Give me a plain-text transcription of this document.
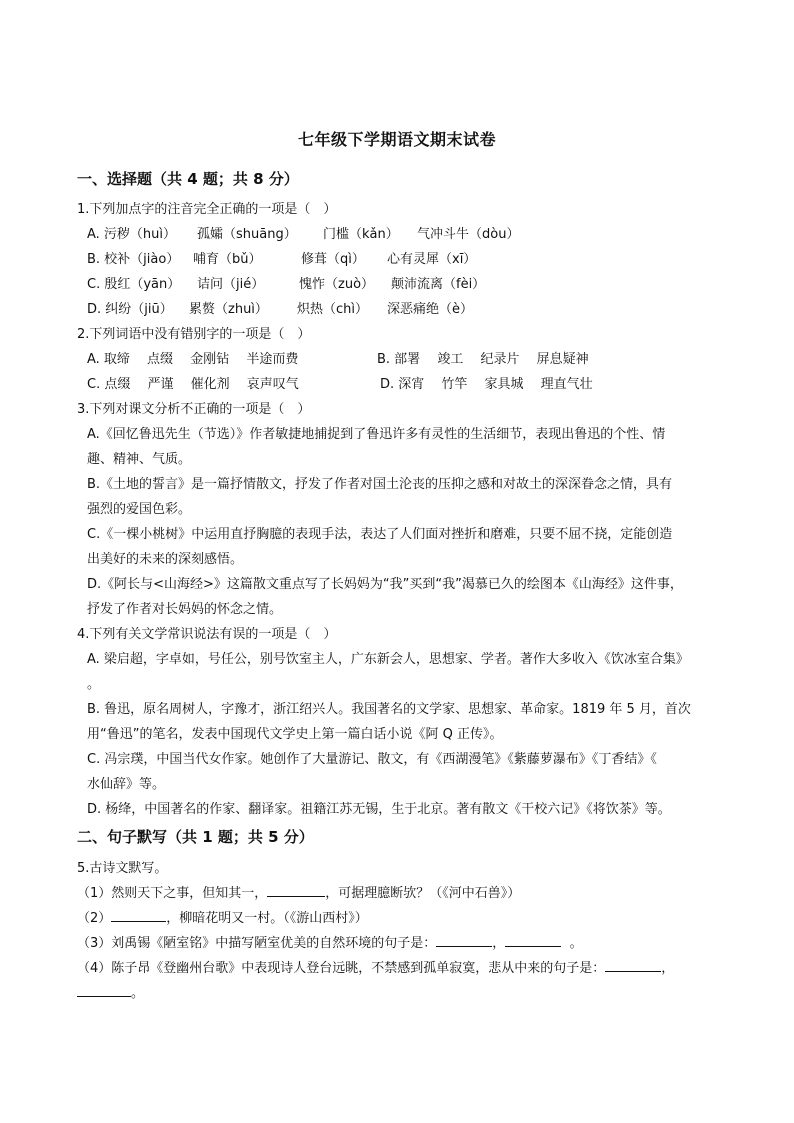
七年级下学期语文期末试卷
一、选择题（共 4 题；共 8 分）
1.下列加点字的注音完全正确的一项是（　）
A. 污秽（huì） 孤孀（shuāng） 门槛（kǎn） 气冲斗牛（dòu）
B. 校补（jiào） 哺育（bǔ）	修葺（qì） 心有灵犀（xī）
C. 殷红（yān） 诘问（jié）	愧怍（zuò） 颠沛流离（fèi）
D. 纠纷（jiū） 累赘（zhuì） 炽热（chì） 深恶痛绝（è）
2.下列词语中没有错别字的一项是（　）
A. 取缔　 点缀　 金刚钻　 半途而费	B. 部署　 竣工　 纪录片　 屏息疑神
C. 点缀　 严谨　 催化剂　 哀声叹气	D. 深宵　 竹竿　 家具城　 理直气壮
3.下列对课文分析不正确的一项是（　）
A.《回忆鲁迅先生（节选）》作者敏捷地捕捉到了鲁迅许多有灵性的生活细节，表现出鲁迅的个性、情
趣、精神、气质。
B.《土地的誓言》是一篇抒情散文，抒发了作者对国土沦丧的压抑之感和对故土的深深眷念之情，具有
强烈的爱国色彩。
C.《一棵小桃树》中运用直抒胸臆的表现手法，表达了人们面对挫折和磨难，只要不屈不挠，定能创造
出美好的未来的深刻感悟。
D.《阿长与<山海经>》这篇散文重点写了长妈妈为“我”买到“我”渴慕已久的绘图本《山海经》这件事，
抒发了作者对长妈妈的怀念之情。
4.下列有关文学常识说法有误的一项是（　）
A. 梁启超，字卓如，号任公，别号饮室主人，广东新会人，思想家、学者。著作大多收入《饮冰室合集》
。
B. 鲁迅，原名周树人，字豫才，浙江绍兴人。我国著名的文学家、思想家、革命家。1819 年 5 月，首次
用“鲁迅”的笔名，发表中国现代文学史上第一篇白话小说《阿 Q 正传》。
C. 冯宗璞，中国当代女作家。她创作了大量游记、散文，有《西湖漫笔》《紫藤萝瀑布》《丁香结》《
水仙辞》等。
D. 杨绛，中国著名的作家、翻译家。祖籍江苏无锡，生于北京。著有散文《干校六记》《将饮茶》等。
二、句子默写（共 1 题；共 5 分）
5.古诗文默写。
（1）然则天下之事，但知其一，	，可据理臆断欤？（《河中石兽》）
（2）	，柳暗花明又一村。（《游山西村》）
（3）刘禹锡《陋室铭》中描写陋室优美的自然环境的句子是：	，	。
（4）陈子昂《登幽州台歌》中表现诗人登台远眺，不禁感到孤单寂寞，悲从中来的句子是：	，
。
